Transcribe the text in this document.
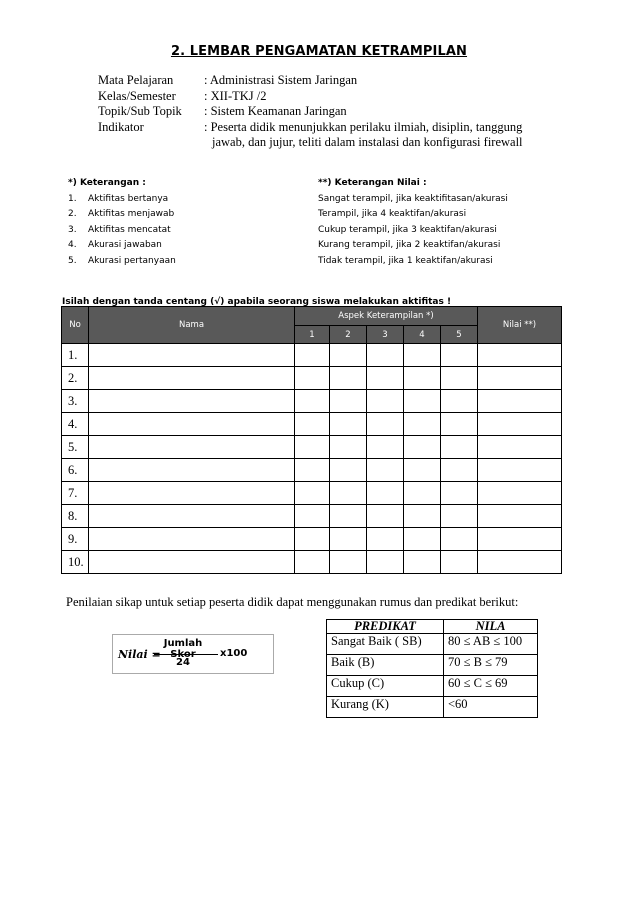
2. LEMBAR PENGAMATAN KETRAMPILAN
Mata Pelajaran	: Administrasi Sistem Jaringan
Kelas/Semester	: XII-TKJ /2
Topik/Sub Topik	: Sistem Keamanan Jaringan
Indikator	: Peserta didik menunjukkan perilaku ilmiah, disiplin, tanggung
jawab, dan jujur, teliti dalam instalasi dan konfigurasi firewall
*) Keterangan :
1.	Aktifitas bertanya
2.	Aktifitas menjawab
3.	Aktifitas mencatat
4.	Akurasi jawaban
5.	Akurasi pertanyaan
**) Keterangan Nilai :
Sangat terampil, jika keaktifitasan/akurasi
Terampil, jika 4 keaktifan/akurasi
Cukup terampil, jika 3 keaktifan/akurasi
Kurang terampil, jika 2 keaktifan/akurasi
Tidak terampil, jika 1 keaktifan/akurasi
Isilah dengan tanda centang (√) apabila seorang siswa melakukan aktifitas !
No	Nama	Aspek Keterampilan *)					Nilai **)
		1	2	3	4	5	
1.							
2.							
3.							
4.							
5.							
6.							
7.							
8.							
9.							
10.							
Penilaian sikap untuk setiap peserta didik dapat menggunakan rumus dan predikat berikut:
Nilai =
Jumlah Skor
24
x100
PREDIKAT	NILA
Sangat Baik ( SB)	80 ≤ AB ≤ 100
Baik (B)	70 ≤ B ≤ 79
Cukup (C)	60 ≤ C ≤ 69
Kurang (K)	<60
